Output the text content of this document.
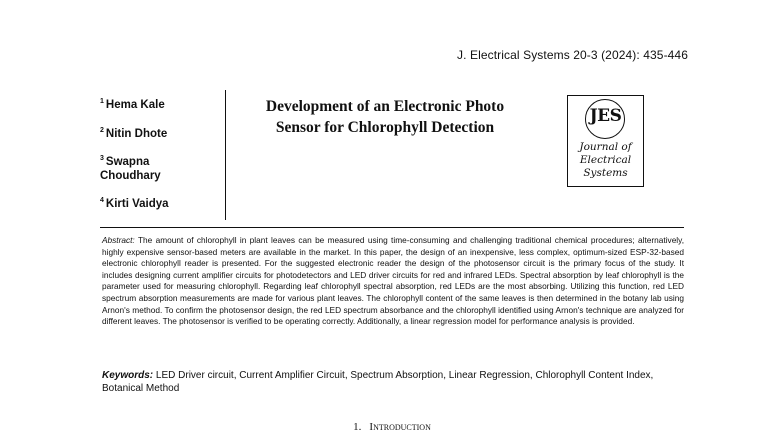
J. Electrical Systems 20-3 (2024): 435-446
$^1$ Hema Kale
$^2$ Nitin Dhote
$^3$ Swapna Choudhary
$^4$ Kirti Vaidya
Development of an Electronic Photo
Sensor for Chlorophyll Detection
JES
Journal of
Electrical
Systems

Abstract: The amount of chlorophyll in plant leaves can be measured using time-consuming and challenging traditional chemical procedures; alternatively, highly expensive sensor-based meters are available in the market. In this paper, the design of an inexpensive, less complex, optimum-sized ESP-32-based electronic chlorophyll reader is presented. For the suggested electronic reader the design of the photosensor circuit is the primary focus of the study. It includes designing current amplifier circuits for photodetectors and LED driver circuits for red and infrared LEDs. Spectral absorption by leaf chlorophyll is the parameter used for measuring chlorophyll. Regarding leaf chlorophyll spectral absorption, red LEDs are the most absorbing. Utilizing this function, red LED spectrum absorption measurements are made for various plant leaves. The chlorophyll content of the same leaves is then determined in the botany lab using Arnon's method. To confirm the photosensor design, the red LED spectrum absorbance and the chlorophyll identified using Arnon's technique are analyzed for different leaves. The photosensor is verified to be operating correctly. Additionally, a linear regression model for performance analysis is provided.

Keywords: LED Driver circuit, Current Amplifier Circuit, Spectrum Absorption, Linear Regression, Chlorophyll Content Index, Botanical Method

1. Introduction
